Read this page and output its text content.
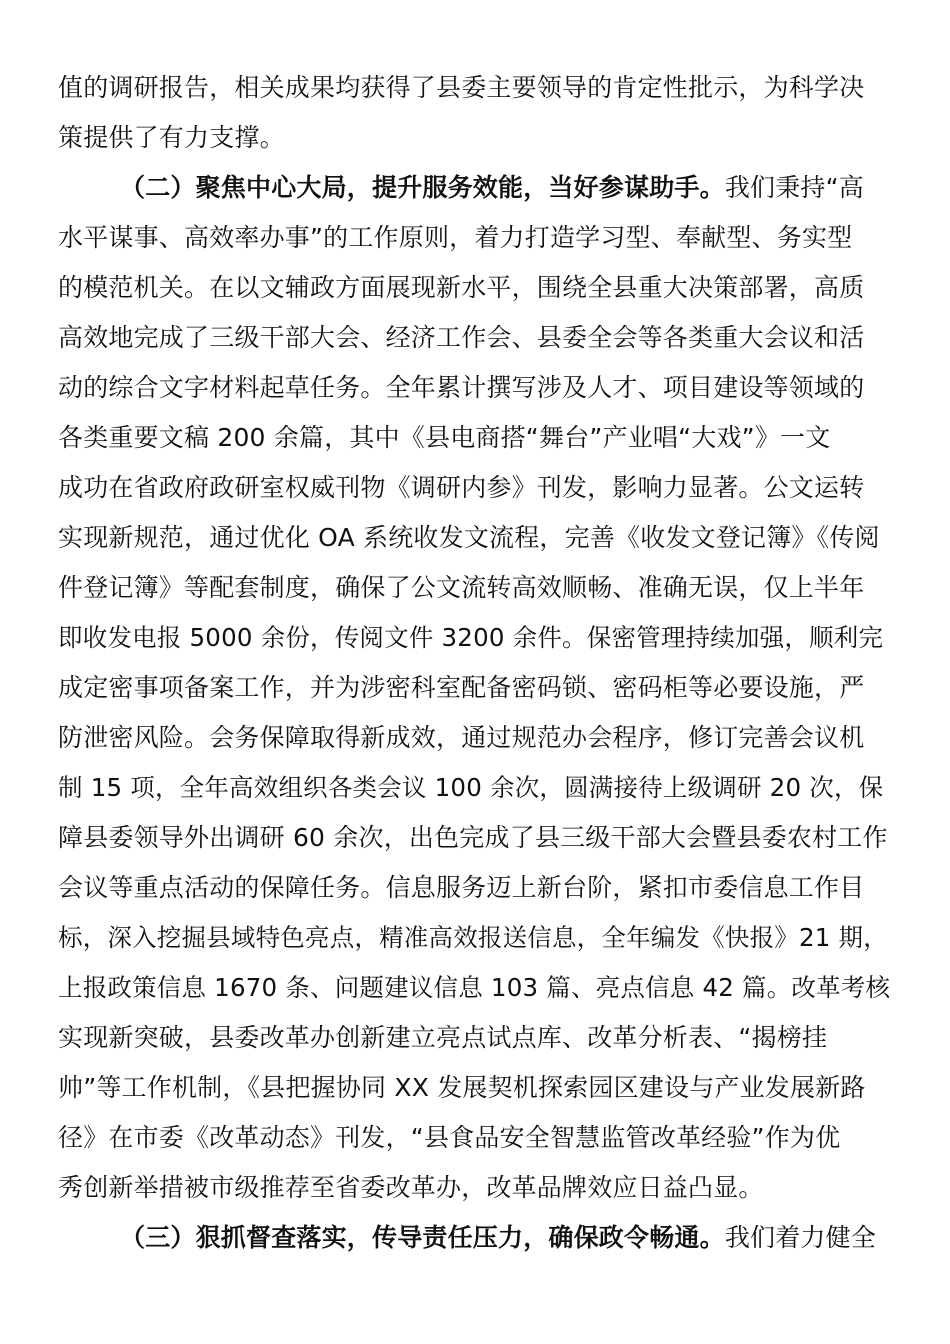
值的调研报告，相关成果均获得了县委主要领导的肯定性批示，为科学决
策提供了有力支撑。
（二）聚焦中心大局，提升服务效能，当好参谋助手。我们秉持“高
水平谋事、高效率办事”的工作原则，着力打造学习型、奉献型、务实型
的模范机关。在以文辅政方面展现新水平，围绕全县重大决策部署，高质
高效地完成了三级干部大会、经济工作会、县委全会等各类重大会议和活
动的综合文字材料起草任务。全年累计撰写涉及人才、项目建设等领域的
各类重要文稿 200 余篇，其中《县电商搭“舞台”产业唱“大戏”》一文
成功在省政府政研室权威刊物《调研内参》刊发，影响力显著。公文运转
实现新规范，通过优化 OA 系统收发文流程，完善《收发文登记簿》《传阅
件登记簿》等配套制度，确保了公文流转高效顺畅、准确无误，仅上半年
即收发电报 5000 余份，传阅文件 3200 余件。保密管理持续加强，顺利完
成定密事项备案工作，并为涉密科室配备密码锁、密码柜等必要设施，严
防泄密风险。会务保障取得新成效，通过规范办会程序，修订完善会议机
制 15 项，全年高效组织各类会议 100 余次，圆满接待上级调研 20 次，保
障县委领导外出调研 60 余次，出色完成了县三级干部大会暨县委农村工作
会议等重点活动的保障任务。信息服务迈上新台阶，紧扣市委信息工作目
标，深入挖掘县域特色亮点，精准高效报送信息，全年编发《快报》21 期，
上报政策信息 1670 条、问题建议信息 103 篇、亮点信息 42 篇。改革考核
实现新突破，县委改革办创新建立亮点试点库、改革分析表、“揭榜挂
帅”等工作机制，《县把握协同 XX 发展契机探索园区建设与产业发展新路
径》在市委《改革动态》刊发，“县食品安全智慧监管改革经验”作为优
秀创新举措被市级推荐至省委改革办，改革品牌效应日益凸显。
（三）狠抓督查落实，传导责任压力，确保政令畅通。我们着力健全
